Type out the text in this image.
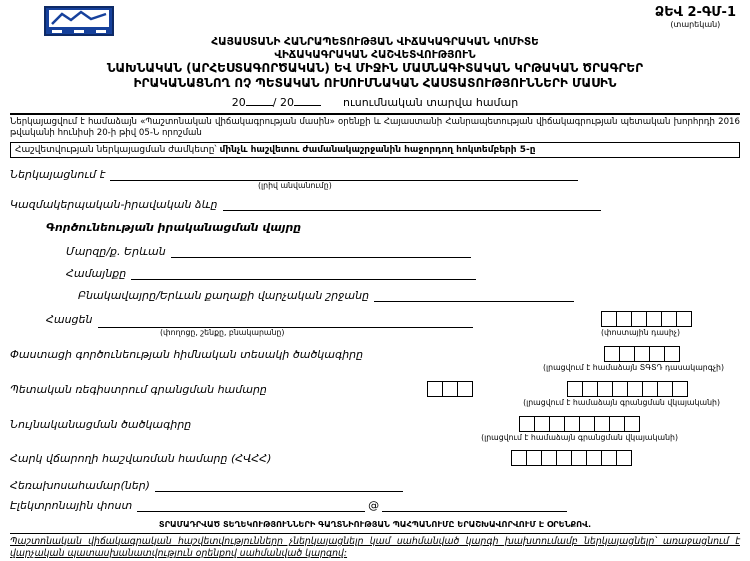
ՁԵՎ 2-ԳՄ-1
(տարեկան)
ՀԱՅԱՍՏԱՆԻ ՀԱՆՐԱՊԵՏՈՒԹՅԱՆ ՎԻՃԱԿԱԳՐԱԿԱՆ ԿՈՄԻՏԵ
ՎԻՃԱԿԱԳՐԱԿԱՆ ՀԱՇՎԵՏՎՈՒԹՅՈՒՆ
ՆԱԽՆԱԿԱՆ (ԱՐՀԵՍՏԱԳՈՐԾԱԿԱՆ) ԵՎ ՄԻՋԻՆ ՄԱՍՆԱԳԻՏԱԿԱՆ ԿՐԹԱԿԱՆ ԾՐԱԳՐԵՐ
ԻՐԱԿԱՆԱՑՆՈՂ ՈՉ ՊԵՏԱԿԱՆ ՈՒՍՈՒՄՆԱԿԱՆ ՀԱՍՏԱՏՈՒԹՅՈՒՆՆԵՐԻ ՄԱՍԻՆ
20 / 20	ուսումնական տարվա համար

Ներկայացվում է համաձայն «Պաշտոնական վիճակագրության մասին» օրենքի և Հայաստանի Հանրապետության վիճակագրության պետական խորհրդի 2016 թվականի հունիսի 20-ի թիվ 05-Ն որոշման

Հաշվետվության ներկայացման ժամկետը՝ մինչև հաշվետու ժամանակաշրջանին հաջորդող հոկտեմբերի 5-ը
Ներկայացնում է
(լրիվ անվանումը)
Կազմակերպական-իրավական ձևը
Գործունեության իրականացման վայրը
Մարզը/ք. Երևան
Համայնքը
Բնակավայրը/Երևան քաղաքի վարչական շրջանը
Հասցեն
(փողոցը, շենքը, բնակարանը)	(փոստային դասիչ)
Փաստացի գործունեության հիմնական տեսակի ծածկագիրը
(լրացվում է համաձայն ՏԳՏԴ դասակարգչի)
Պետական ռեգիստրում գրանցման համարը
(լրացվում է համաձայն գրանցման վկայականի)
Նույնականացման ծածկագիրը
(լրացվում է համաձայն գրանցման վկայականի)
Հարկ վճարողի հաշվառման համարը (ՀՎՀՀ)
Հեռախոսահամար(ներ)
Էլեկտրոնային փոստ	@
ՏՐԱՄԱԴՐՎԱԾ ՏԵՂԵԿՈՒԹՅՈՒՆՆԵՐԻ ԳԱՂՏՆԻՈՒԹՅԱՆ ՊԱՀՊԱՆՈՒՄԸ ԵՐԱՇԽԱՎՈՐՎՈՒՄ Է ՕՐԵՆՔՈՎ.
Պաշտոնական վիճակագրական հաշվետվությունները չներկայացնելը կամ սահմանված կարգի խախտումամբ ներկայացնելը՝ առաջացնում է վարչական պատասխանատվություն օրենքով սահմանված կարգով:
